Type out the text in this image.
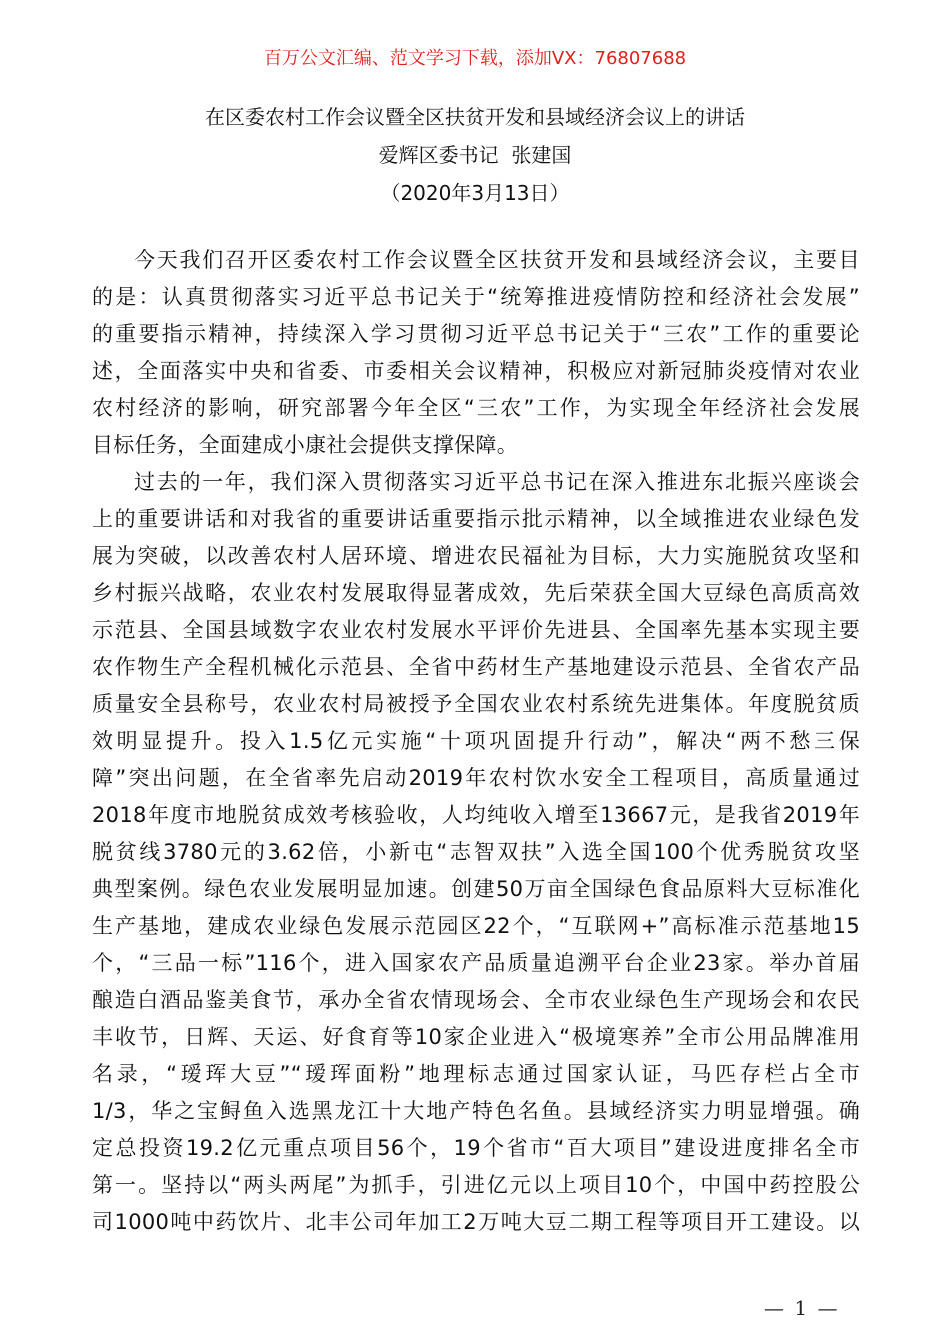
百万公文汇编、范文学习下载，添加VX：76807688
在区委农村工作会议暨全区扶贫开发和县域经济会议上的讲话
爱辉区委书记  张建国
（2020年3月13日）
今天我们召开区委农村工作会议暨全区扶贫开发和县域经济会议，主要目
的是：认真贯彻落实习近平总书记关于“统筹推进疫情防控和经济社会发展”
的重要指示精神，持续深入学习贯彻习近平总书记关于“三农”工作的重要论
述，全面落实中央和省委、市委相关会议精神，积极应对新冠肺炎疫情对农业
农村经济的影响，研究部署今年全区“三农”工作，为实现全年经济社会发展
目标任务，全面建成小康社会提供支撑保障。
过去的一年，我们深入贯彻落实习近平总书记在深入推进东北振兴座谈会
上的重要讲话和对我省的重要讲话重要指示批示精神，以全域推进农业绿色发
展为突破，以改善农村人居环境、增进农民福祉为目标，大力实施脱贫攻坚和
乡村振兴战略，农业农村发展取得显著成效，先后荣获全国大豆绿色高质高效
示范县、全国县域数字农业农村发展水平评价先进县、全国率先基本实现主要
农作物生产全程机械化示范县、全省中药材生产基地建设示范县、全省农产品
质量安全县称号，农业农村局被授予全国农业农村系统先进集体。年度脱贫质
效明显提升。投入1.5亿元实施“十项巩固提升行动”，解决“两不愁三保
障”突出问题，在全省率先启动2019年农村饮水安全工程项目，高质量通过
2018年度市地脱贫成效考核验收，人均纯收入增至13667元，是我省2019年
脱贫线3780元的3.62倍，小新屯“志智双扶”入选全国100个优秀脱贫攻坚
典型案例。绿色农业发展明显加速。创建50万亩全国绿色食品原料大豆标准化
生产基地，建成农业绿色发展示范园区22个，“互联网+”高标准示范基地15
个，“三品一标”116个，进入国家农产品质量追溯平台企业23家。举办首届
酿造白酒品鉴美食节，承办全省农情现场会、全市农业绿色生产现场会和农民
丰收节，日辉、天运、好食育等10家企业进入“极境寒养”全市公用品牌准用
名录，“瑷珲大豆”“瑷珲面粉”地理标志通过国家认证，马匹存栏占全市
1/3，华之宝鲟鱼入选黑龙江十大地产特色名鱼。县域经济实力明显增强。确
定总投资19.2亿元重点项目56个，19个省市“百大项目”建设进度排名全市
第一。坚持以“两头两尾”为抓手，引进亿元以上项目10个，中国中药控股公
司1000吨中药饮片、北丰公司年加工2万吨大豆二期工程等项目开工建设。以
— 1 —
